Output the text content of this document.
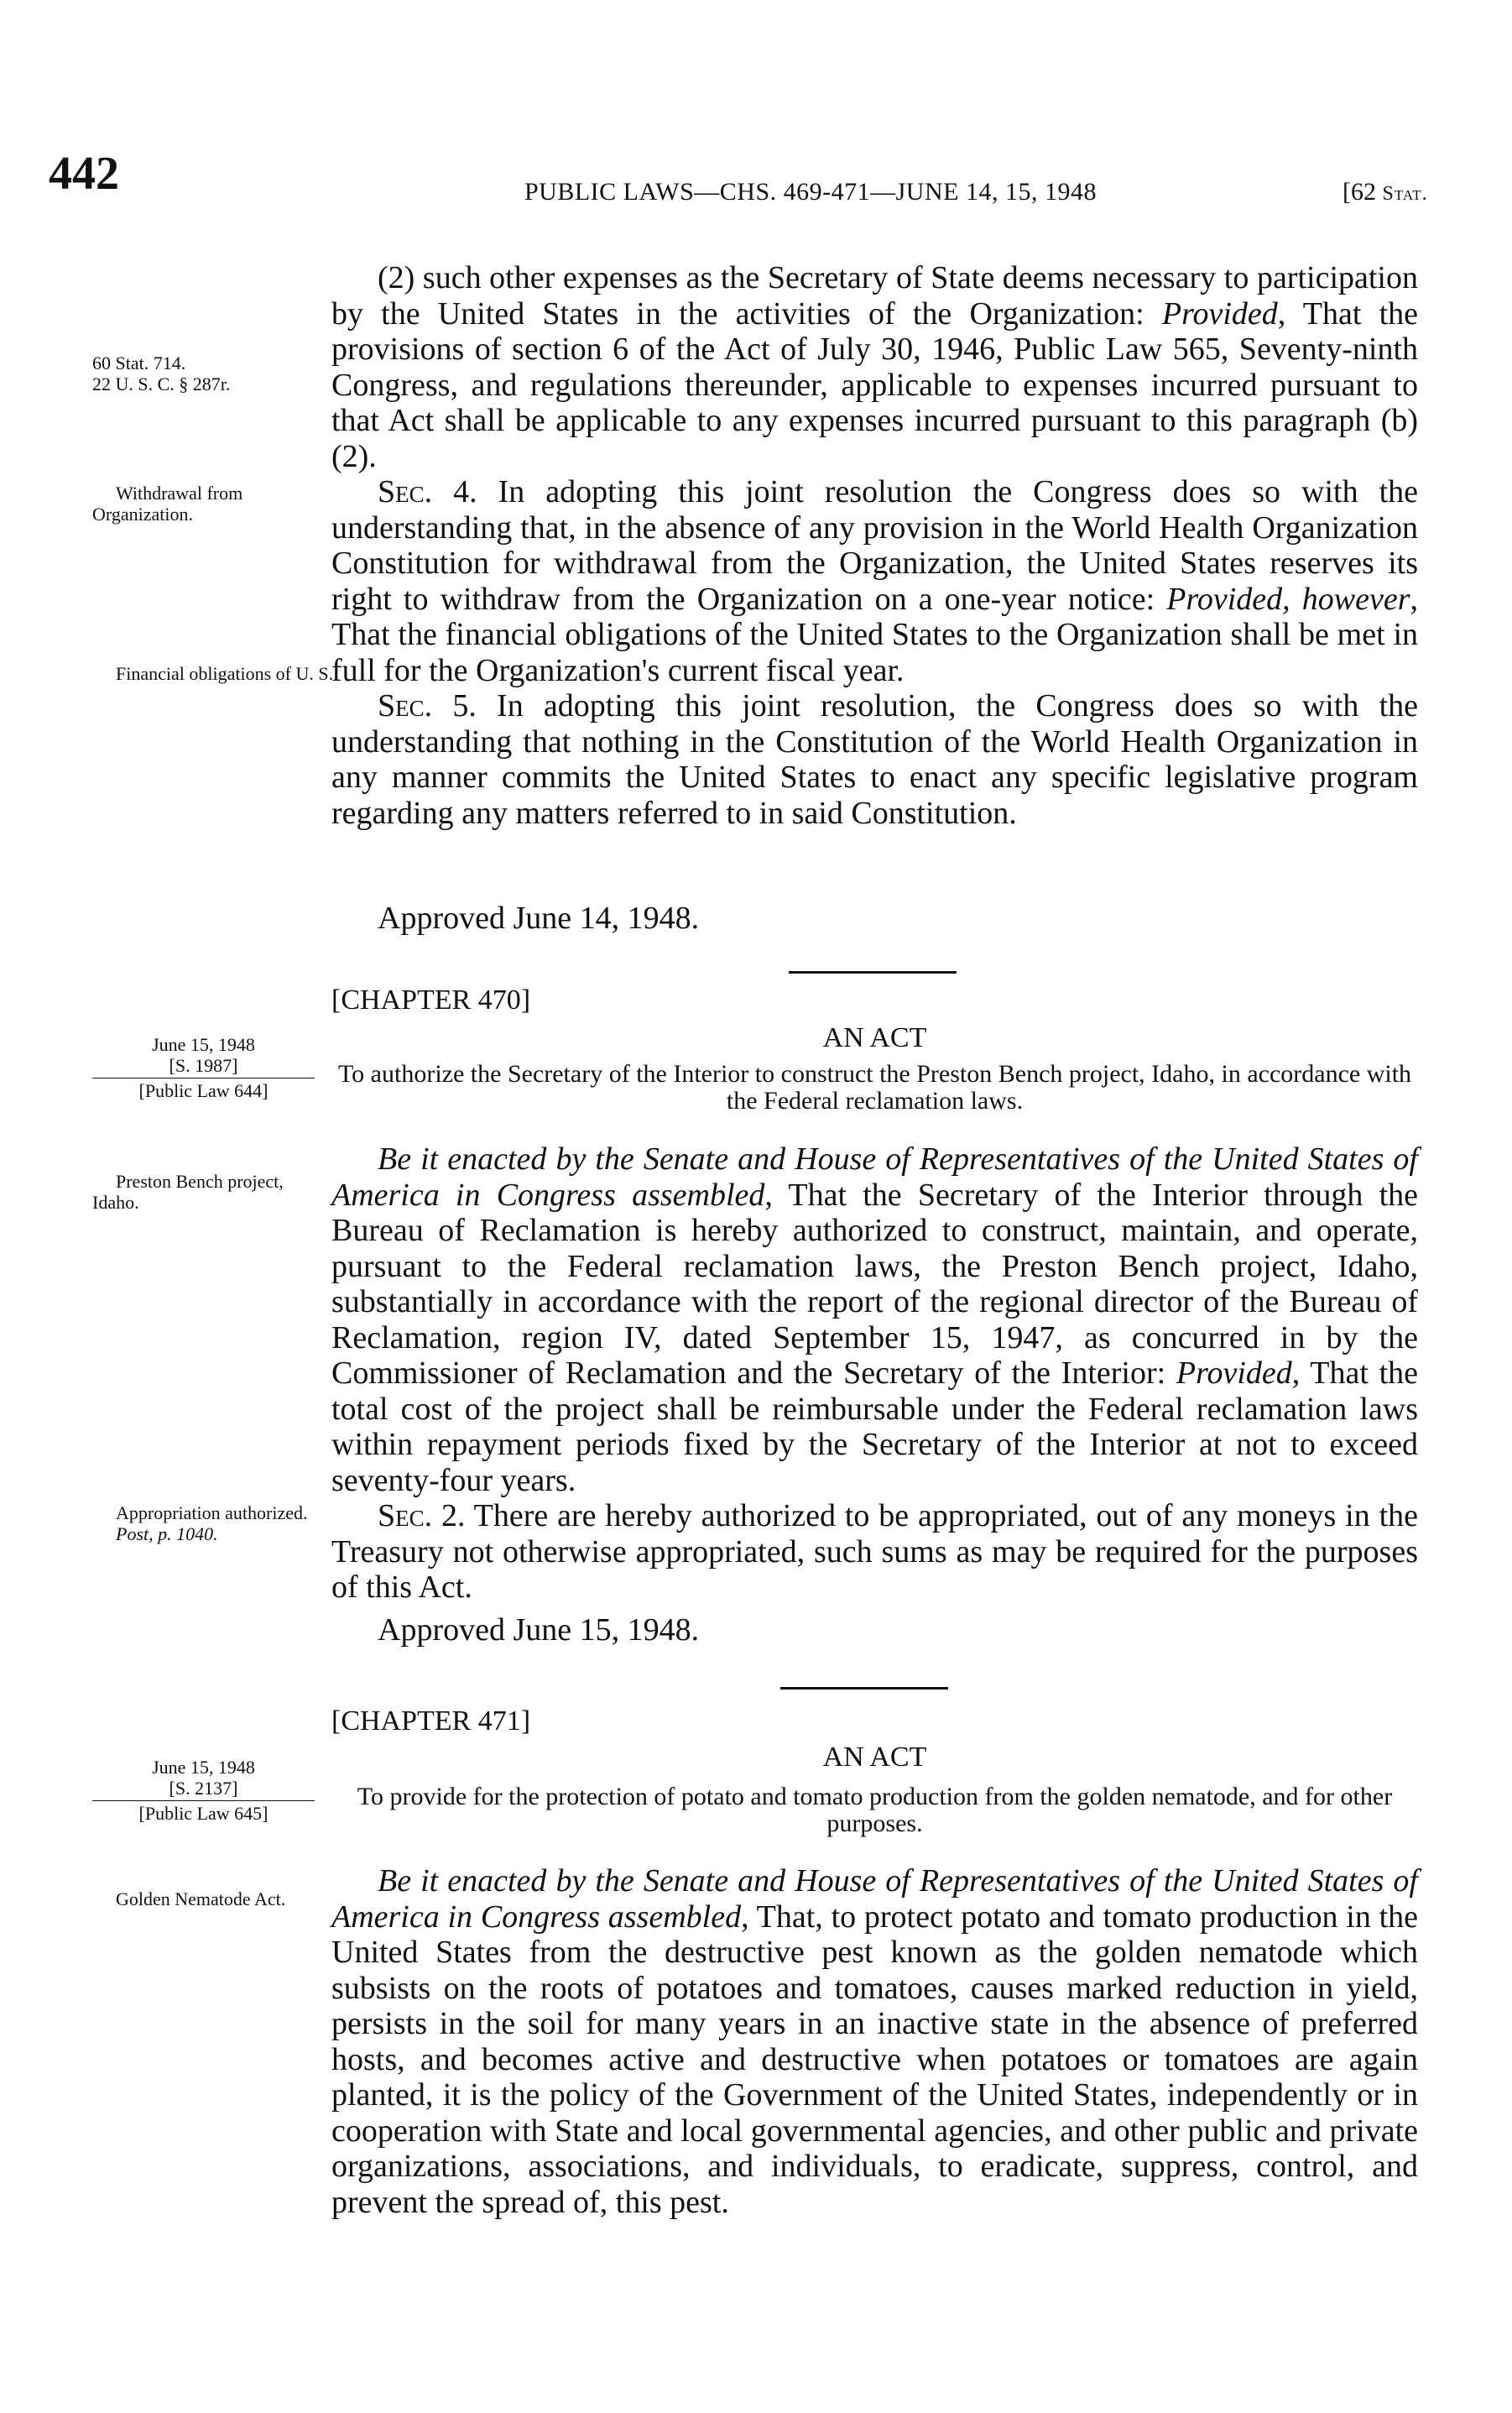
442	PUBLIC LAWS—CHS. 469-471—JUNE 14, 15, 1948	[62 Stat.

60 Stat. 714.

22 U. S. C. § 287r.

Withdrawal from Organization.

Financial obligations of U. S.

June 15, 1948
[S. 1987]
[Public Law 644]

Preston Bench project, Idaho.

Appropriation authorized.

Post, p. 1040.

June 15, 1948
[S. 2137]
[Public Law 645]

Golden Nematode Act.

(2) such other expenses as the Secretary of State deems necessary to participation by the United States in the activities of the Organization: Provided, That the provisions of section 6 of the Act of July 30, 1946, Public Law 565, Seventy-ninth Congress, and regulations thereunder, applicable to expenses incurred pursuant to that Act shall be applicable to any expenses incurred pursuant to this paragraph (b) (2).

Sec. 4. In adopting this joint resolution the Congress does so with the understanding that, in the absence of any provision in the World Health Organization Constitution for withdrawal from the Organization, the United States reserves its right to withdraw from the Organization on a one-year notice: Provided, however, That the financial obligations of the United States to the Organization shall be met in full for the Organization's current fiscal year.

Sec. 5. In adopting this joint resolution, the Congress does so with the understanding that nothing in the Constitution of the World Health Organization in any manner commits the United States to enact any specific legislative program regarding any matters referred to in said Constitution.

Approved June 14, 1948.
[CHAPTER 470]
AN ACT
To authorize the Secretary of the Interior to construct the Preston Bench project, Idaho, in accordance with the Federal reclamation laws.

Be it enacted by the Senate and House of Representatives of the United States of America in Congress assembled, That the Secretary of the Interior through the Bureau of Reclamation is hereby authorized to construct, maintain, and operate, pursuant to the Federal reclamation laws, the Preston Bench project, Idaho, substantially in accordance with the report of the regional director of the Bureau of Reclamation, region IV, dated September 15, 1947, as concurred in by the Commissioner of Reclamation and the Secretary of the Interior: Provided, That the total cost of the project shall be reimbursable under the Federal reclamation laws within repayment periods fixed by the Secretary of the Interior at not to exceed seventy-four years.

Sec. 2. There are hereby authorized to be appropriated, out of any moneys in the Treasury not otherwise appropriated, such sums as may be required for the purposes of this Act.

Approved June 15, 1948.
[CHAPTER 471]
AN ACT
To provide for the protection of potato and tomato production from the golden nematode, and for other purposes.

Be it enacted by the Senate and House of Representatives of the United States of America in Congress assembled, That, to protect potato and tomato production in the United States from the destructive pest known as the golden nematode which subsists on the roots of potatoes and tomatoes, causes marked reduction in yield, persists in the soil for many years in an inactive state in the absence of preferred hosts, and becomes active and destructive when potatoes or tomatoes are again planted, it is the policy of the Government of the United States, independently or in cooperation with State and local governmental agencies, and other public and private organizations, associations, and individuals, to eradicate, suppress, control, and prevent the spread of, this pest.
